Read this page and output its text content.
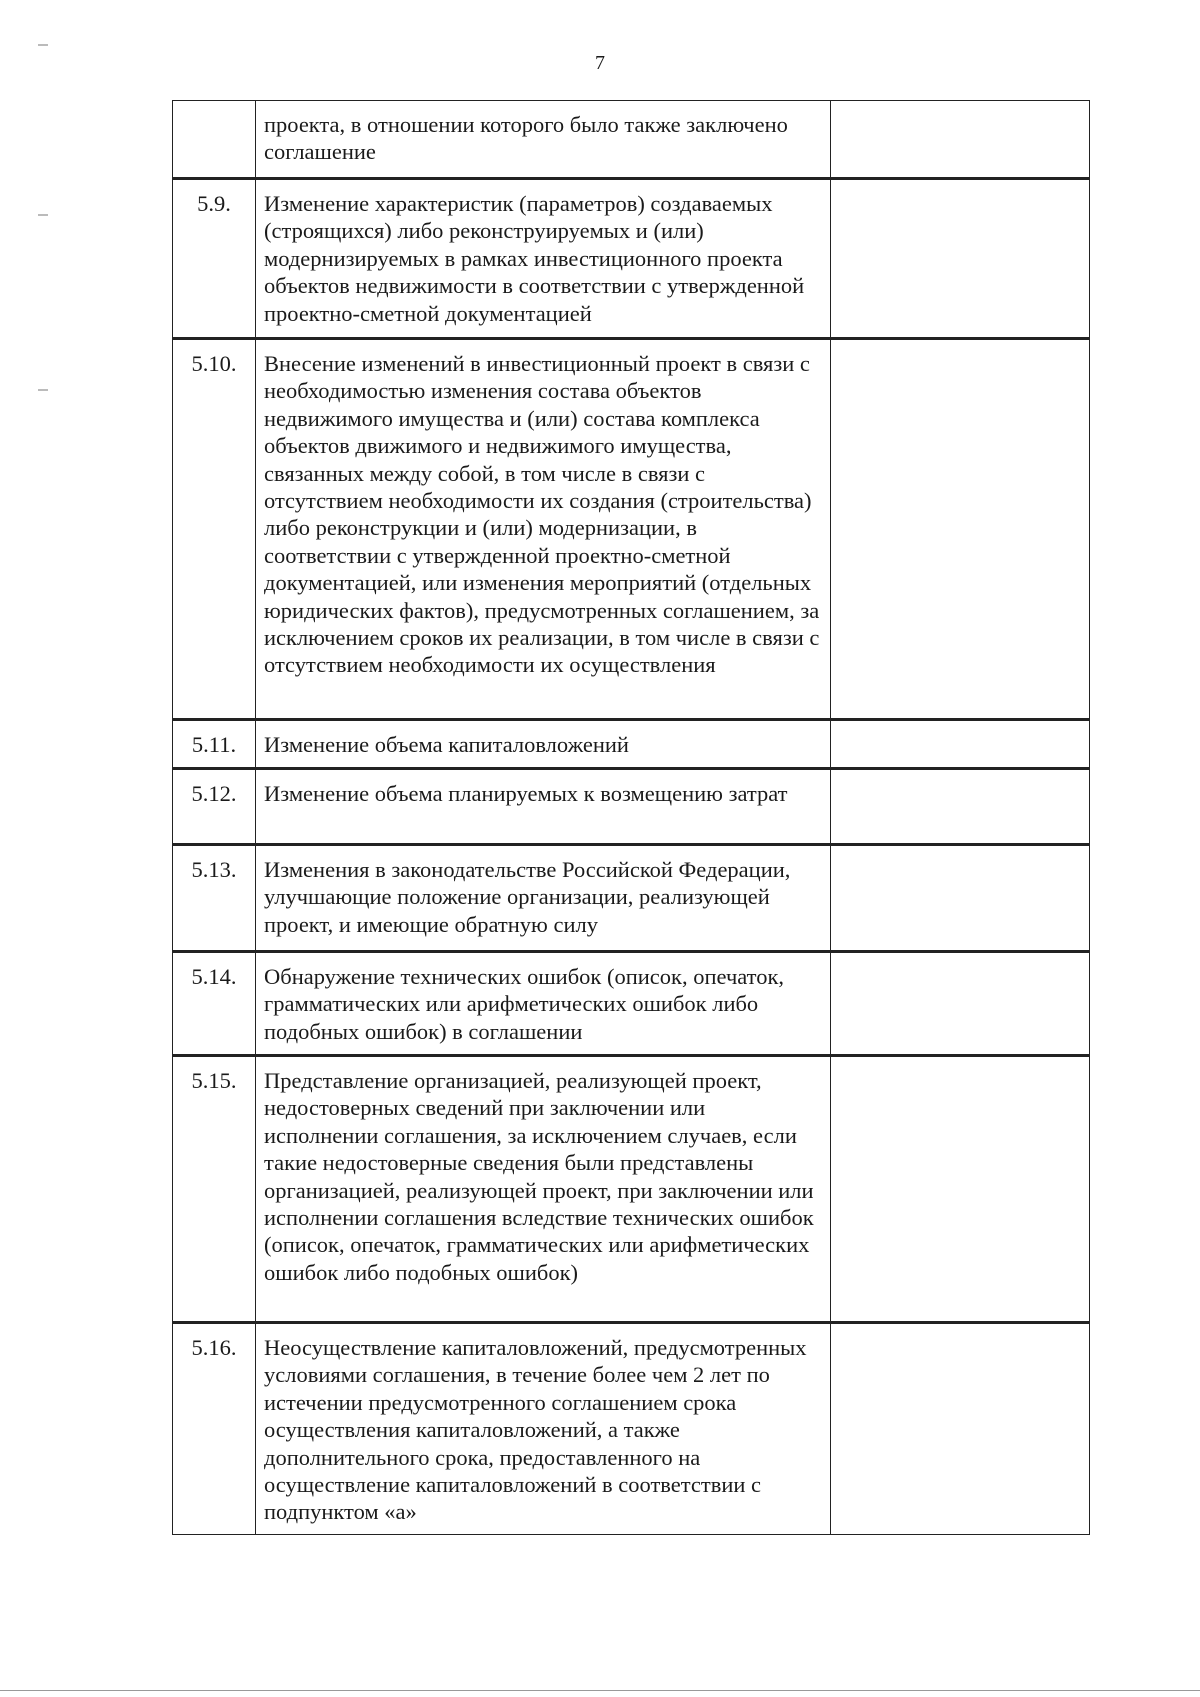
7
	проекта, в отношении которого было также заключено соглашение	
5.9.	Изменение характеристик (параметров) создаваемых (строящихся) либо реконструируемых и (или) модернизируемых в рамках инвестиционного проекта объектов недвижимости в соответствии с утвержденной проектно-сметной документацией	
5.10.	Внесение изменений в инвестиционный проект в связи с необходимостью изменения состава объектов недвижимого имущества и (или) состава комплекса объектов движимого и недвижимого имущества, связанных между собой, в том числе в связи с отсутствием необходимости их создания (строительства) либо реконструкции и (или) модернизации, в соответствии с утвержденной проектно-сметной документацией, или изменения мероприятий (отдельных юридических фактов), предусмотренных соглашением, за исключением сроков их реализации, в том числе в связи с отсутствием необходимости их осуществления	
5.11.	Изменение объема капиталовложений	
5.12.	Изменение объема планируемых к возмещению затрат	
5.13.	Изменения в законодательстве Российской Федерации, улучшающие положение организации, реализующей проект, и имеющие обратную силу	
5.14.	Обнаружение технических ошибок (описок, опечаток, грамматических или арифметических ошибок либо подобных ошибок) в соглашении	
5.15.	Представление организацией, реализующей проект, недостоверных сведений при заключении или исполнении соглашения, за исключением случаев, если такие недостоверные сведения были представлены организацией, реализующей проект, при заключении или исполнении соглашения вследствие технических ошибок (описок, опечаток, грамматических или арифметических ошибок либо подобных ошибок)	
5.16.	Неосуществление капиталовложений, предусмотренных условиями соглашения, в течение более чем 2 лет по истечении предусмотренного соглашением срока осуществления капиталовложений, а также дополнительного срока, предоставленного на осуществление капиталовложений в соответствии с подпунктом «а»	
